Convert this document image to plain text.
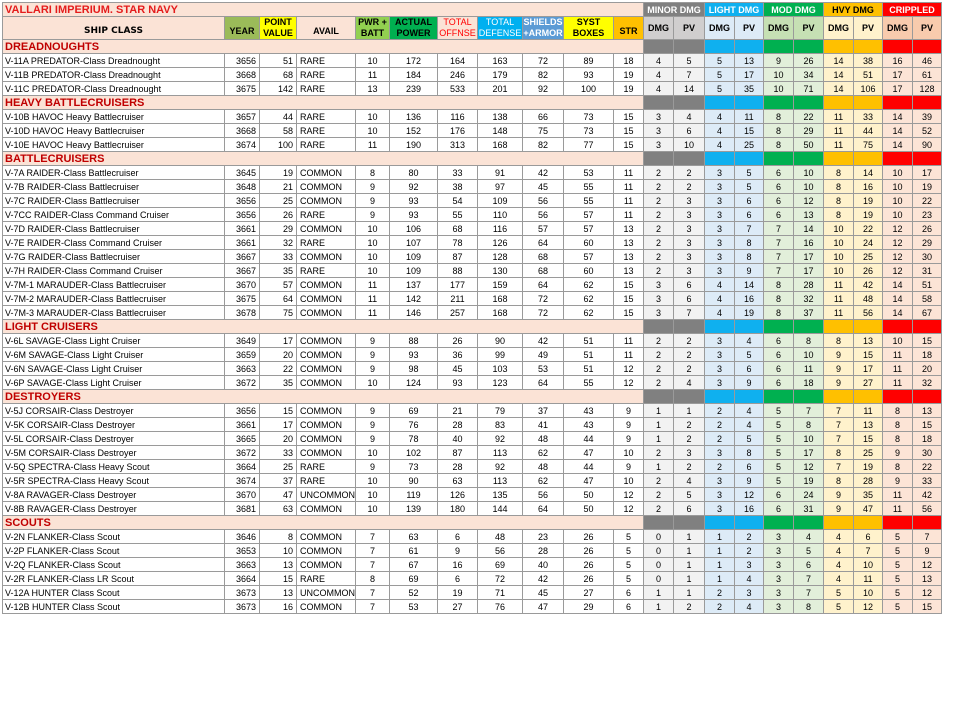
VALLARI IMPERIUM. STAR NAVY											MINOR DMG		LIGHT DMG		MOD DMG		HVY DMG		CRIPPLED	
SHIP CLASS	YEAR	POINT VALUE	AVAIL	PWR + BATT	ACTUAL POWER	TOTAL OFFNSE	TOTAL DEFENSE	SHIELDS +ARMOR	SYST BOXES	STR	DMG	PV	DMG	PV	DMG	PV	DMG	PV	DMG	PV
DREADNOUGHTS																				
V-11A PREDATOR-Class Dreadnought	3656	51	RARE	10	172	164	163	72	89	18	4	5	5	13	9	26	14	38	16	46
V-11B PREDATOR-Class Dreadnought	3668	68	RARE	11	184	246	179	82	93	19	4	7	5	17	10	34	14	51	17	61
V-11C PREDATOR-Class Dreadnought	3675	142	RARE	13	239	533	201	92	100	19	4	14	5	35	10	71	14	106	17	128
HEAVY BATTLECRUISERS																				
V-10B HAVOC Heavy Battlecruiser	3657	44	RARE	10	136	116	138	66	73	15	3	4	4	11	8	22	11	33	14	39
V-10D HAVOC Heavy Battlecruiser	3668	58	RARE	10	152	176	148	75	73	15	3	6	4	15	8	29	11	44	14	52
V-10E HAVOC Heavy Battlecruiser	3674	100	RARE	11	190	313	168	82	77	15	3	10	4	25	8	50	11	75	14	90
BATTLECRUISERS																				
V-7A RAIDER-Class Battlecruiser	3645	19	COMMON	8	80	33	91	42	53	11	2	2	3	5	6	10	8	14	10	17
V-7B RAIDER-Class Battlecruiser	3648	21	COMMON	9	92	38	97	45	55	11	2	2	3	5	6	10	8	16	10	19
V-7C RAIDER-Class Battlecruiser	3656	25	COMMON	9	93	54	109	56	55	11	2	3	3	6	6	12	8	19	10	22
V-7CC RAIDER-Class Command Cruiser	3656	26	RARE	9	93	55	110	56	57	11	2	3	3	6	6	13	8	19	10	23
V-7D RAIDER-Class Battlecruiser	3661	29	COMMON	10	106	68	116	57	57	13	2	3	3	7	7	14	10	22	12	26
V-7E RAIDER-Class Command Cruiser	3661	32	RARE	10	107	78	126	64	60	13	2	3	3	8	7	16	10	24	12	29
V-7G RAIDER-Class Battlecruiser	3667	33	COMMON	10	109	87	128	68	57	13	2	3	3	8	7	17	10	25	12	30
V-7H RAIDER-Class Command Cruiser	3667	35	RARE	10	109	88	130	68	60	13	2	3	3	9	7	17	10	26	12	31
V-7M-1 MARAUDER-Class Battlecruiser	3670	57	COMMON	11	137	177	159	64	62	15	3	6	4	14	8	28	11	42	14	51
V-7M-2 MARAUDER-Class Battlecruiser	3675	64	COMMON	11	142	211	168	72	62	15	3	6	4	16	8	32	11	48	14	58
V-7M-3 MARAUDER-Class Battlecruiser	3678	75	COMMON	11	146	257	168	72	62	15	3	7	4	19	8	37	11	56	14	67
LIGHT CRUISERS																				
V-6L SAVAGE-Class Light Cruiser	3649	17	COMMON	9	88	26	90	42	51	11	2	2	3	4	6	8	8	13	10	15
V-6M SAVAGE-Class Light Cruiser	3659	20	COMMON	9	93	36	99	49	51	11	2	2	3	5	6	10	9	15	11	18
V-6N SAVAGE-Class Light Cruiser	3663	22	COMMON	9	98	45	103	53	51	12	2	2	3	6	6	11	9	17	11	20
V-6P SAVAGE-Class Light Cruiser	3672	35	COMMON	10	124	93	123	64	55	12	2	4	3	9	6	18	9	27	11	32
DESTROYERS																				
V-5J CORSAIR-Class Destroyer	3656	15	COMMON	9	69	21	79	37	43	9	1	1	2	4	5	7	7	11	8	13
V-5K CORSAIR-Class Destroyer	3661	17	COMMON	9	76	28	83	41	43	9	1	2	2	4	5	8	7	13	8	15
V-5L CORSAIR-Class Destroyer	3665	20	COMMON	9	78	40	92	48	44	9	1	2	2	5	5	10	7	15	8	18
V-5M CORSAIR-Class Destroyer	3672	33	COMMON	10	102	87	113	62	47	10	2	3	3	8	5	17	8	25	9	30
V-5Q SPECTRA-Class Heavy Scout	3664	25	RARE	9	73	28	92	48	44	9	1	2	2	6	5	12	7	19	8	22
V-5R SPECTRA-Class Heavy Scout	3674	37	RARE	10	90	63	113	62	47	10	2	4	3	9	5	19	8	28	9	33
V-8A RAVAGER-Class Destroyer	3670	47	UNCOMMON	10	119	126	135	56	50	12	2	5	3	12	6	24	9	35	11	42
V-8B RAVAGER-Class Destroyer	3681	63	COMMON	10	139	180	144	64	50	12	2	6	3	16	6	31	9	47	11	56
SCOUTS																				
V-2N FLANKER-Class Scout	3646	8	COMMON	7	63	6	48	23	26	5	0	1	1	2	3	4	4	6	5	7
V-2P FLANKER-Class Scout	3653	10	COMMON	7	61	9	56	28	26	5	0	1	1	2	3	5	4	7	5	9
V-2Q FLANKER-Class Scout	3663	13	COMMON	7	67	16	69	40	26	5	0	1	1	3	3	6	4	10	5	12
V-2R FLANKER-Class LR Scout	3664	15	RARE	8	69	6	72	42	26	5	0	1	1	4	3	7	4	11	5	13
V-12A HUNTER Class Scout	3673	13	UNCOMMON	7	52	19	71	45	27	6	1	1	2	3	3	7	5	10	5	12
V-12B HUNTER Class Scout	3673	16	COMMON	7	53	27	76	47	29	6	1	2	2	4	3	8	5	12	5	15
